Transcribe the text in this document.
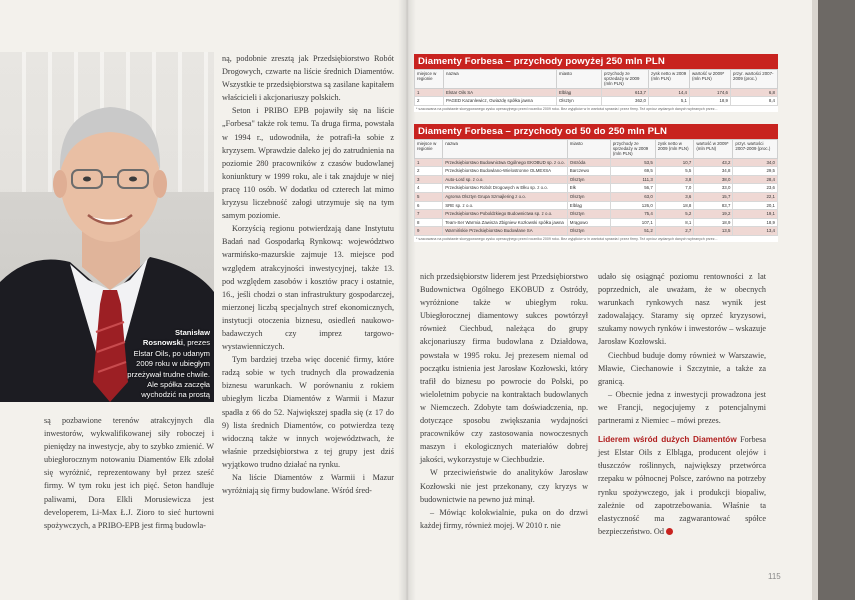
Stanisław
Rosnowski, prezes Elstar Oils, po udanym 2009 roku w ubiegłym przeżywał trudne chwile. Ale spółka zaczęła wychodzić na prostą

ną, podobnie zresztą jak Przedsiębiorstwo Robót Drogowych, czwarte na liście średnich Diamentów. Wszystkie te przedsiębiorstwa są zasilane kapitałem właścicieli i akcjonariuszy polskich.

Seton i PRIBO EPB pojawiły się na liście „Forbesa" także rok temu. Ta druga firma, powstała w 1994 r., udowodniła, że potrafi-ła sobie z kryzysem. Wprawdzie daleko jej do zatrudnienia na poziomie 280 pracowników z czasów budowlanej koniunktury w 1999 roku, ale i tak znajduje w niej pracę 110 osób. W dodatku od czterech lat mimo kryzysu liczebność załogi utrzymuje się na tym samym poziomie.

Korzyścią regionu potwierdzają dane Instytutu Badań nad Gospodarką Rynkową: województwo warmińsko-mazurskie zajmuje 13. miejsce pod względem atrakcyjności inwestycyjnej, także 13. pod względem zasobów i kosztów pracy i ostatnie, 16., jeśli chodzi o stan infrastruktury gospodarczej, mierzonej liczbą specjalnych stref ekonomicznych, instytucji otoczenia biznesu, osiedleń naukowo-badawczych czy imprez targowo-wystawienniczych.

Tym bardziej trzeba więc docenić firmy, które radzą sobie w tych trudnych dla prowadzenia biznesu warunkach. W porównaniu z rokiem ubiegłym liczba Diamentów z Warmii i Mazur spadła z 66 do 52. Największej spadła się (z 17 do 9) lista średnich Diamentów, co potwierdza tezę widoczną także w innych województwach, że właśnie przedsiębiorstwa z tej grupy jest dziś wyjątkowo trudno działać na rynku.

Na liście Diamentów z Warmii i Mazur wyróżniają się firmy budowlane. Wśród śred-

są pozbawione terenów atrakcyjnych dla inwestorów, wykwalifikowanej siły roboczej i pieniędzy na inwestycje, aby to szybko zmienić. W ubiegłorocznym notowaniu Diamentów Ełk zdołał się wyróżnić, reprezentowany był przez sześć firmy. W tym roku jest ich pięć. Seton handluje paliwami, Dora Elkli Morusiewicza jest developerem, Li-Max Ł.J. Zioro to sieć hurtowni spożywczych, a PRIBO-EPB jest firmą budowla-

Diamenty Forbesa – przychody powyżej 250 mln PLN
miejsce w regionie	nazwa	miasto	przychody ze sprzedaży w 2009 (mln PLN)	zysk netto w 2009 (mln PLN)	wartość w 2009* (mln PLN)	przyr. wartości 2007-2009 (proc.)
1	Elstar Oils SA	Elbląg	613,7	14,4	174,6	6,8
2	PAGED Kazanlewicz, Gwiazdę spółka jawna	Olsztyn	362,0	5,1	18,9	8,4
* szacowana na podstawie skorygowanego zysku operacyjnego przed roczniku 2009 roku. Bez wyjątków w in wartości sprawia i przez firmy. Też oprócz wydanych danych wybranych przez...
Diamenty Forbesa – przychody od 50 do 250 mln PLN
miejsce w regionie	nazwa	miasto	przychody ze sprzedaży w 2009 (mln PLN)	zysk netto w 2009 (mln PLN)	wartość w 2009* (mln PLN)	przyr. wartości 2007-2009 (proc.)
1	Przedsiębiorstwo Budownictwa Ogólnego EKOBUD sp. z o.o.	Ostróda	53,5	10,7	43,2	34,0
2	Przedsiębiorstwo Budowlano-Wielostronne OLMEXSA	Barczewo	69,5	5,5	34,8	29,5
3	Auto-Lord sp. z o.o.	Olsztyn	111,3	3,8	38,0	28,4
4	Przedsiębiorstwo Robót Drogowych w Ełku sp. z o.o.	Ełk	56,7	7,0	33,0	23,6
5	Agroma Olsztyn Grupa Szmajlering z o.o.	Olsztyn	63,0	3,6	15,7	22,1
6	SRE sp. z o.o.	Elbląg	126,0	18,8	83,7	20,1
7	Przedsiębiorstwo Poboldzkiego Budownictwa sp. z o.o.	Olsztyn	75,4	5,2	19,2	19,1
8	Team-Ser Warmia Zawisza Zbigniew Kozłowski spółka jawna	Mrągowo	107,1	8,1	18,9	18,9
9	Warmińskie Przedsiębiorstwo Budowlane SA	Olsztyn	51,2	2,7	13,5	13,4
* szacowana na podstawie skorygowanego zysku operacyjnego przed roczniku 2009 roku. Bez wyjątków w in wartości sprawia i przez firmy. Też oprócz wydanych danych wybranych przez...

nich przedsiębiorstw liderem jest Przedsiębiorstwo Budownictwa Ogólnego EKOBUD z Ostródy, wyróżnione także w ubiegłym roku. Ubiegłorocznej diamentowy sukces powtórzył również Ciechbud, należąca do grupy akcjonariuszy firma budowlana z Działdowa, powstała w 1995 roku. Jej prezesem niemal od początku istnienia jest Jarosław Kozłowski, który trafił do biznesu po powrocie do Polski, po wieloletnim pobycie na kontraktach budowlanych w Niemczech. Zdobyte tam doświadczenia, np. dotyczące sposobu zwiększania wydajności pracowników czy zastosowania nowoczesnych maszyn i ekologicznych materiałów dobrej jakości, wykorzystuje w Ciechbudzie.

W przeciwieństwie do analityków Jarosław Kozłowski nie jest przekonany, czy kryzys w budownictwie na pewno już minął.

– Mówiąc kolokwialnie, puka on do drzwi każdej firmy, również mojej. W 2010 r. nie

udało się osiągnąć poziomu rentowności z lat poprzednich, ale uważam, że w obecnych warunkach rynkowych nasz wynik jest zadowalający. Staramy się oprzeć kryzysowi, szukamy nowych rynków i inwestorów – wskazuje Jarosław Kozłowski.

Ciechbud buduje domy również w Warszawie, Mławie, Ciechanowie i Szczytnie, a także za granicą.

– Obecnie jedna z inwestycji prowadzona jest we Francji, negocjujemy z potencjalnymi partnerami z Niemiec – mówi prezes.

Liderem wśród dużych Diamentów Forbesa jest Elstar Oils z Elbląga, producent olejów i tłuszczów roślinnych, największy przetwórca rzepaku w północnej Polsce, zarówno na potrzeby rynku spożywczego, jak i produkcji biopaliw, zależnie od zapotrzebowania. Właśnie ta elastyczność ma zagwarantować spółce bezpieczeństwo. Od

115
